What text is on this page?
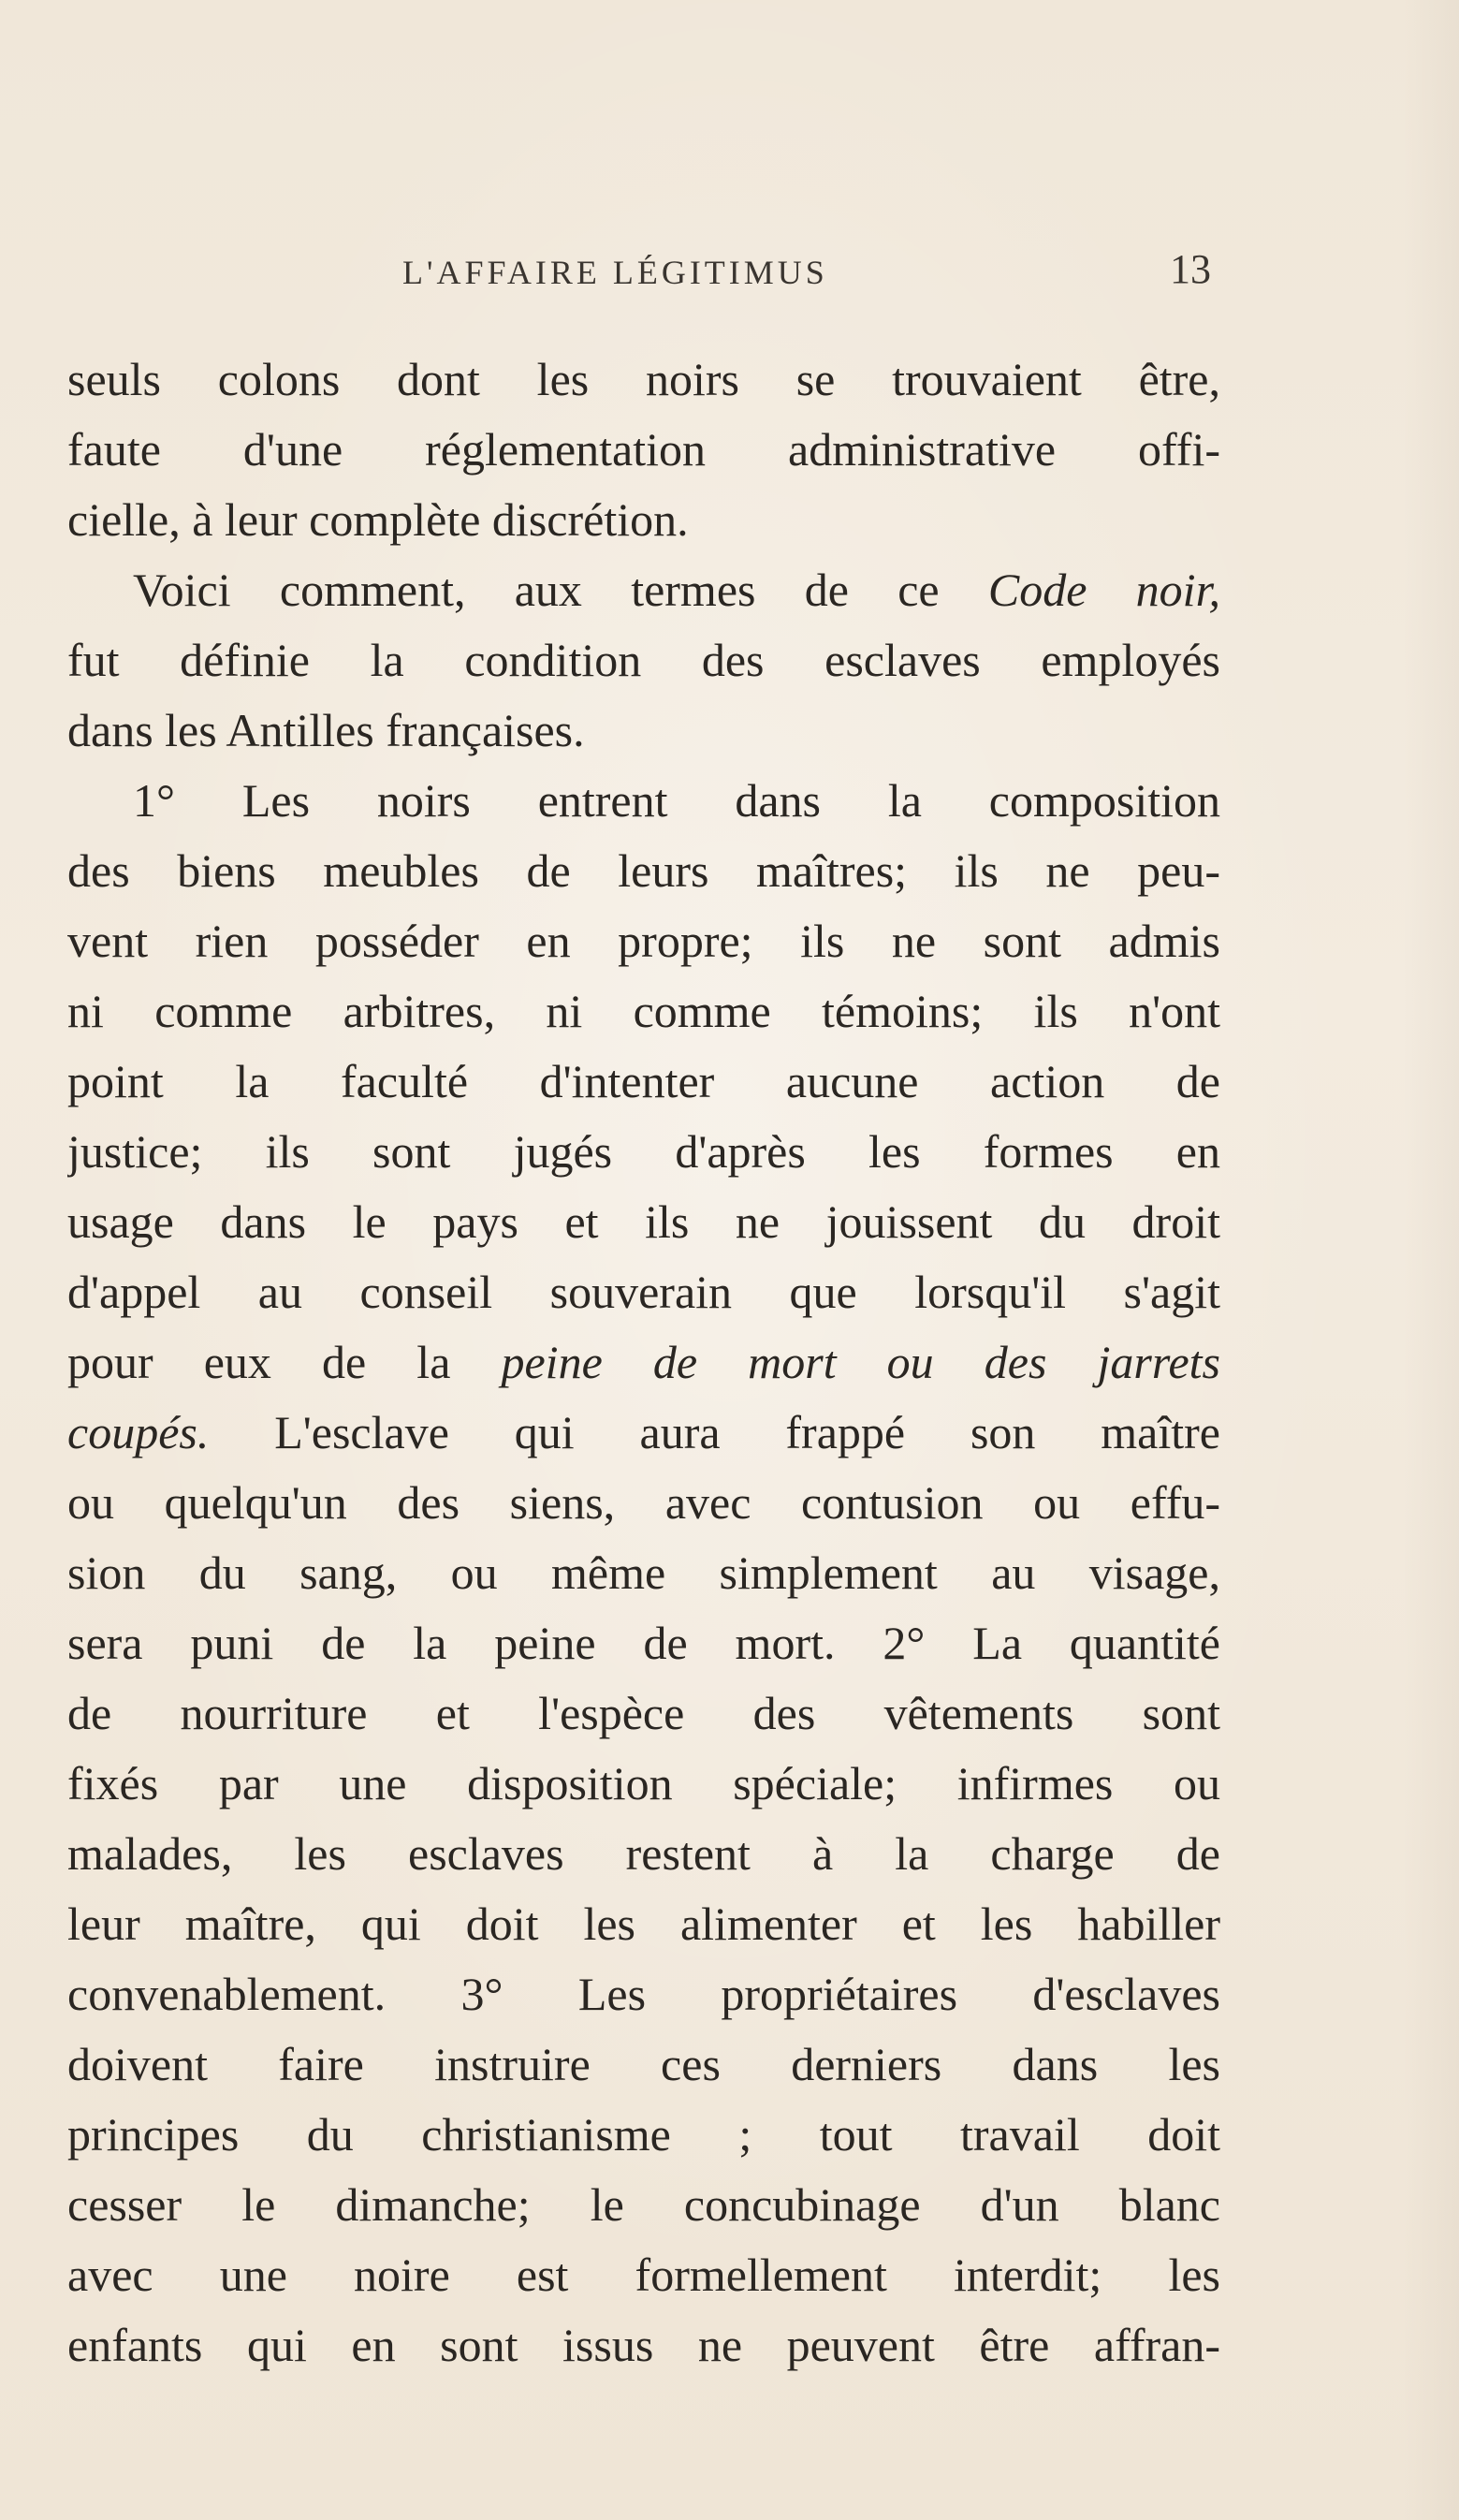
L'AFFAIRE LÉGITIMUS	13
seuls colons dont les noirs se trouvaient être,
faute d'une réglementation administrative offi-
cielle, à leur complète discrétion.
Voici comment, aux termes de ce Code noir,
fut définie la condition des esclaves employés
dans les Antilles françaises.
1° Les noirs entrent dans la composition
des biens meubles de leurs maîtres; ils ne peu-
vent rien posséder en propre; ils ne sont admis
ni comme arbitres, ni comme témoins; ils n'ont
point la faculté d'intenter aucune action de
justice; ils sont jugés d'après les formes en
usage dans le pays et ils ne jouissent du droit
d'appel au conseil souverain que lorsqu'il s'agit
pour eux de la peine de mort ou des jarrets
coupés. L'esclave qui aura frappé son maître
ou quelqu'un des siens, avec contusion ou effu-
sion du sang, ou même simplement au visage,
sera puni de la peine de mort. 2° La quantité
de nourriture et l'espèce des vêtements sont
fixés par une disposition spéciale; infirmes ou
malades, les esclaves restent à la charge de
leur maître, qui doit les alimenter et les habiller
convenablement. 3° Les propriétaires d'esclaves
doivent faire instruire ces derniers dans les
principes du christianisme ; tout travail doit
cesser le dimanche; le concubinage d'un blanc
avec une noire est formellement interdit; les
enfants qui en sont issus ne peuvent être affran-
